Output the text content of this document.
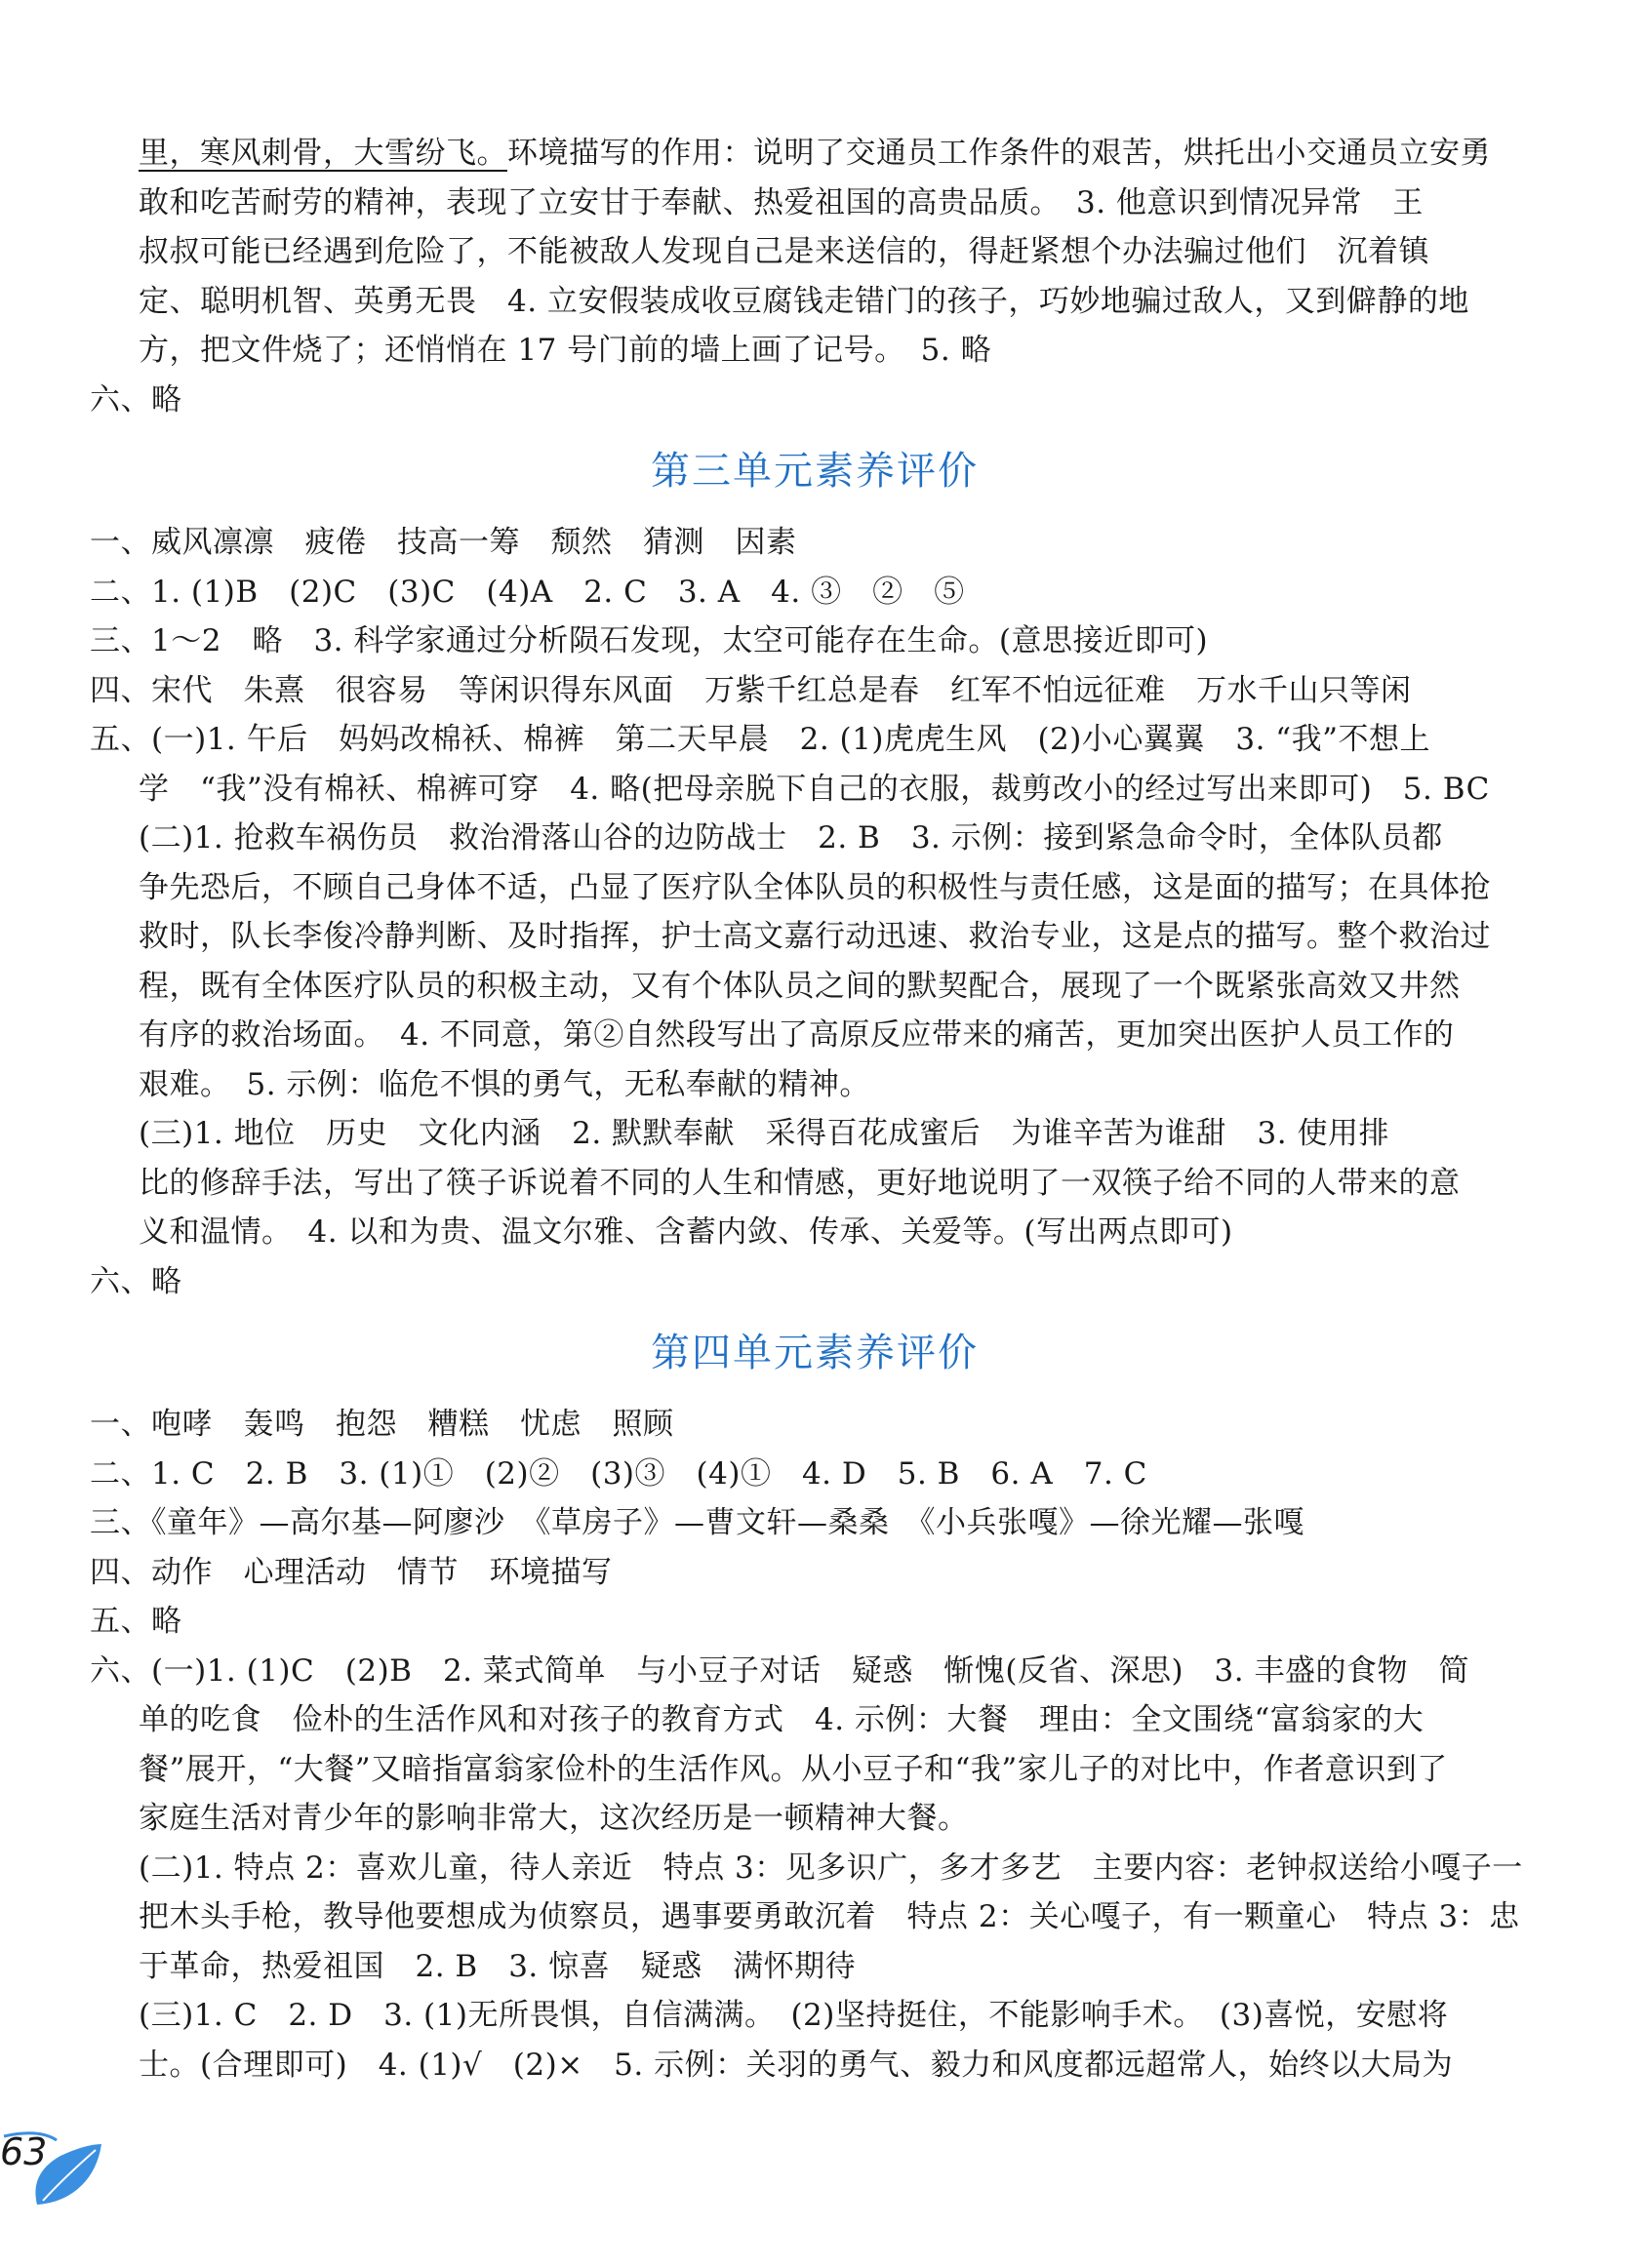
里，寒风刺骨，大雪纷飞。环境描写的作用：说明了交通员工作条件的艰苦，烘托出小交通员立安勇
敢和吃苦耐劳的精神，表现了立安甘于奉献、热爱祖国的高贵品质。　3. 他意识到情况异常　王
叔叔可能已经遇到危险了，不能被敌人发现自己是来送信的，得赶紧想个办法骗过他们　沉着镇
定、聪明机智、英勇无畏　4. 立安假装成收豆腐钱走错门的孩子，巧妙地骗过敌人，又到僻静的地
方，把文件烧了；还悄悄在 17 号门前的墙上画了记号。　5. 略
六、略
第三单元素养评价
一、威风凛凛　疲倦　技高一筹　颓然　猜测　因素
二、1. (1)B　(2)C　(3)C　(4)A　2. C　3. A　4. ③　②　⑤
三、1～2　略　3. 科学家通过分析陨石发现，太空可能存在生命。(意思接近即可)
四、宋代　朱熹　很容易　等闲识得东风面　万紫千红总是春　红军不怕远征难　万水千山只等闲
五、(一)1. 午后　妈妈改棉袄、棉裤　第二天早晨　2. (1)虎虎生风　(2)小心翼翼　3. “我”不想上
学　“我”没有棉袄、棉裤可穿　4. 略(把母亲脱下自己的衣服，裁剪改小的经过写出来即可)　5. BC
(二)1. 抢救车祸伤员　救治滑落山谷的边防战士　2. B　3. 示例：接到紧急命令时，全体队员都
争先恐后，不顾自己身体不适，凸显了医疗队全体队员的积极性与责任感，这是面的描写；在具体抢
救时，队长李俊冷静判断、及时指挥，护士高文嘉行动迅速、救治专业，这是点的描写。整个救治过
程，既有全体医疗队员的积极主动，又有个体队员之间的默契配合，展现了一个既紧张高效又井然
有序的救治场面。　4. 不同意，第②自然段写出了高原反应带来的痛苦，更加突出医护人员工作的
艰难。　5. 示例：临危不惧的勇气，无私奉献的精神。
(三)1. 地位　历史　文化内涵　2. 默默奉献　采得百花成蜜后　为谁辛苦为谁甜　3. 使用排
比的修辞手法，写出了筷子诉说着不同的人生和情感，更好地说明了一双筷子给不同的人带来的意
义和温情。　4. 以和为贵、温文尔雅、含蓄内敛、传承、关爱等。(写出两点即可)
六、略
第四单元素养评价
一、咆哮　轰鸣　抱怨　糟糕　忧虑　照顾
二、1. C　2. B　3. (1)①　(2)②　(3)③　(4)①　4. D　5. B　6. A　7. C
三、《童年》—高尔基—阿廖沙　《草房子》—曹文轩—桑桑　《小兵张嘎》—徐光耀—张嘎
四、动作　心理活动　情节　环境描写
五、略
六、(一)1. (1)C　(2)B　2. 菜式简单　与小豆子对话　疑惑　惭愧(反省、深思)　3. 丰盛的食物　简
单的吃食　俭朴的生活作风和对孩子的教育方式　4. 示例：大餐　理由：全文围绕“富翁家的大
餐”展开，“大餐”又暗指富翁家俭朴的生活作风。从小豆子和“我”家儿子的对比中，作者意识到了
家庭生活对青少年的影响非常大，这次经历是一顿精神大餐。
(二)1. 特点 2：喜欢儿童，待人亲近　特点 3：见多识广，多才多艺　主要内容：老钟叔送给小嘎子一
把木头手枪，教导他要想成为侦察员，遇事要勇敢沉着　特点 2：关心嘎子，有一颗童心　特点 3：忠
于革命，热爱祖国　2. B　3. 惊喜　疑惑　满怀期待
(三)1. C　2. D　3. (1)无所畏惧，自信满满。　(2)坚持挺住，不能影响手术。　(3)喜悦，安慰将
士。(合理即可)　4. (1)√　(2)×　5. 示例：关羽的勇气、毅力和风度都远超常人，始终以大局为
63
